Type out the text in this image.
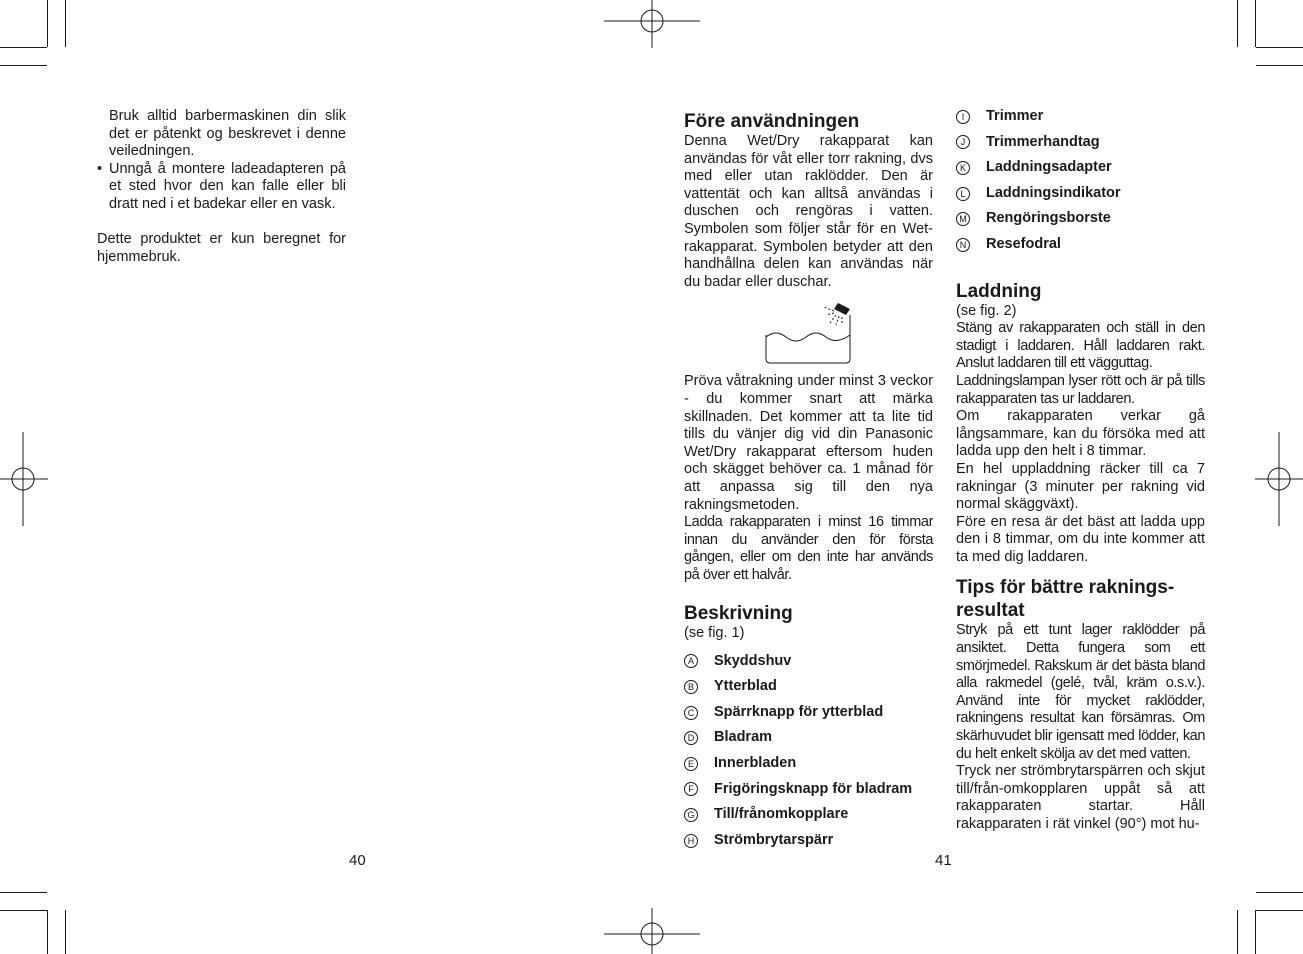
Bruk alltid barbermaskinen din slik det er påtenkt og beskrevet i denne veiledningen.

• Unngå å montere ladeadapteren på et sted hvor den kan falle eller bli dratt ned i et badekar eller en vask.

Dette produktet er kun beregnet for hjemmebruk.

40
Före användningen

Denna Wet/Dry rakapparat kan användas för våt eller torr rakning, dvs med eller utan raklödder. Den är vattentät och kan alltså användas i duschen och rengöras i vatten. Symbolen som följer står för en Wet-rakapparat. Symbolen betyder att den handhållna delen kan användas när du badar eller duschar.

Pröva våtrakning under minst 3 veckor - du kommer snart att märka skillnaden. Det kommer att ta lite tid tills du vänjer dig vid din Panasonic Wet/Dry rakapparat eftersom huden och skägget behöver ca. 1 månad för att anpassa sig till den nya rakningsmetoden.

Ladda rakapparaten i minst 16 timmar innan du använder den för första gången, eller om den inte har används på över ett halvår.

Beskrivning

(se fig. 1)

A Skyddshuv
B Ytterblad
C Spärrknapp för ytterblad
D Bladram
E Innerbladen
F Frigöringsknapp för bladram
G Till/frånomkopplare
H Strömbrytarspärr
41
I	Trimmer
J	Trimmerhandtag
K Laddningsadapter
L	Laddningsindikator
M Rengöringsborste
N Resefodral
Laddning

(se fig. 2)

Stäng av rakapparaten och ställ in den stadigt i laddaren. Håll laddaren rakt. Anslut laddaren till ett vägguttag.

Laddningslampan lyser rött och är på tills rakapparaten tas ur laddaren.

Om rakapparaten verkar gå långsammare, kan du försöka med att ladda upp den helt i 8 timmar.

En hel uppladdning räcker till ca 7 rakningar (3 minuter per rakning vid normal skäggväxt).

Före en resa är det bäst att ladda upp den i 8 timmar, om du inte kommer att ta med dig laddaren.

Tips för bättre raknings-
resultat

Stryk på ett tunt lager raklödder på ansiktet. Detta fungera som ett smörjmedel. Rakskum är det bästa bland alla rakmedel (gelé, tvål, kräm o.s.v.). Använd inte för mycket raklödder, rakningens resultat kan försämras. Om skärhuvudet blir igensatt med lödder, kan du helt enkelt skölja av det med vatten.

Tryck ner strömbrytarspärren och skjut till/från-omkopplaren uppåt så att rakapparaten startar. Håll rakapparaten i rät vinkel (90°) mot hu-
